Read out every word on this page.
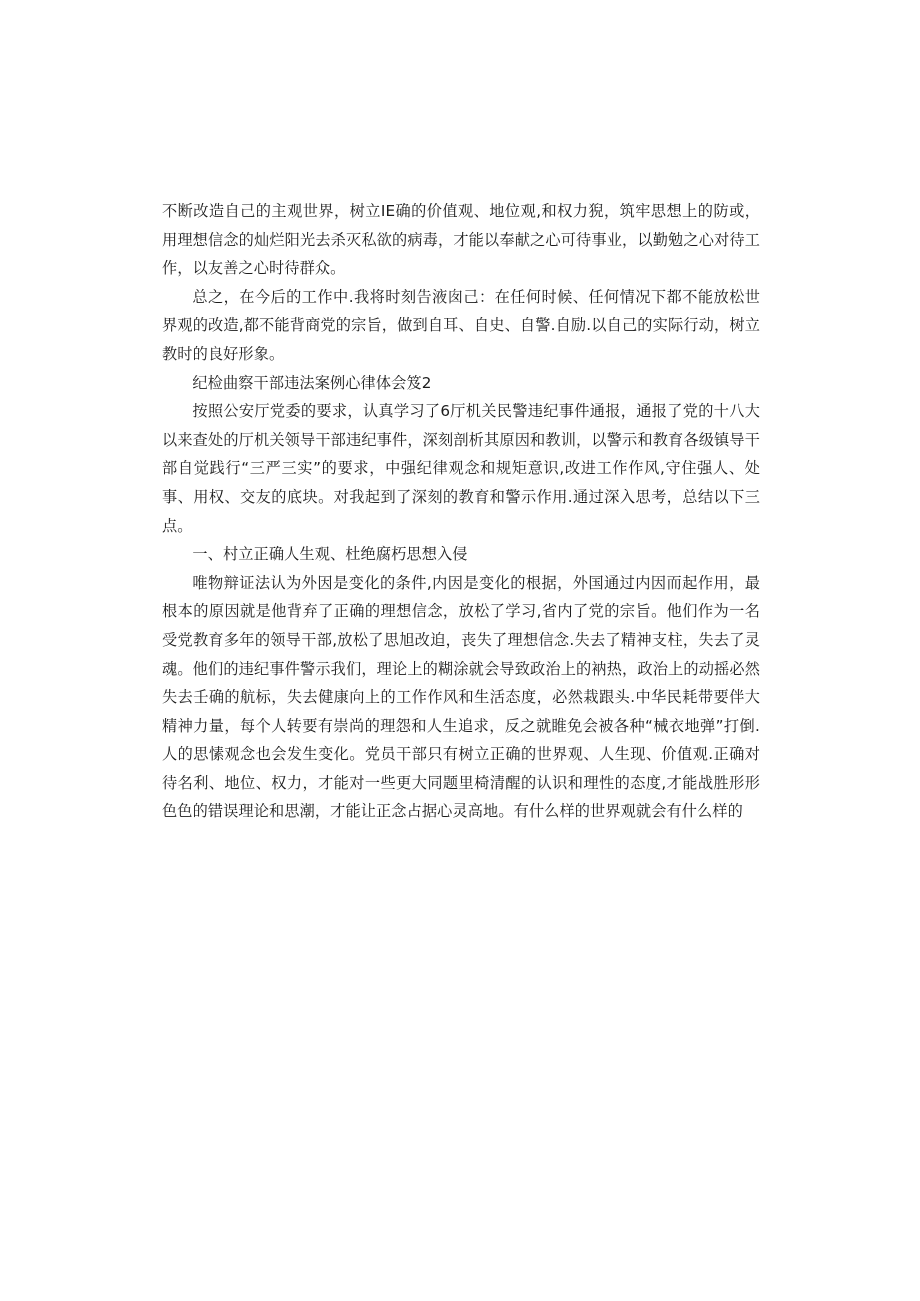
不断改造自己的主观世界，树立IE确的价值观、地位观,和权力猊，筑牢思想上的防或，用理想信念的灿烂阳光去杀灭私欲的病毒，才能以奉献之心可待事业，以勤勉之心对待工作，以友善之心时待群众。

总之，在今后的工作中.我将时刻告液囱己：在任何时候、任何情况下都不能放松世界观的改造,都不能背商党的宗旨，做到自耳、自史、自警.自励.以自己的实际行动，树立教时的良好形象。

纪检曲察干部违法案例心律体会笈2

按照公安厅党委的要求，认真学习了6厅机关民警违纪事件通报，通报了党的十八大以来查处的厅机关领导干部违纪事件，深刻剖析其原因和教训，以警示和教育各级镇导干部自觉践行“三严三实”的要求，中强纪律观念和规矩意识,改进工作作风,守住强人、处事、用权、交友的底块。对我起到了深刻的教育和警示作用.通过深入思考，总结以下三点。

一、村立正确人生观、杜绝腐朽思想入侵

唯物辩证法认为外因是变化的条件,内因是变化的根据，外国通过内因而起作用，最根本的原因就是他背弃了正确的理想信念，放松了学习,省内了党的宗旨。他们作为一名受党教育多年的领导干部,放松了思旭改迫，丧失了理想信念.失去了精神支柱，失去了灵魂。他们的违纪事件警示我们，理论上的糊涂就会导致政治上的衲热，政治上的动摇必然失去壬确的航标，失去健康向上的工作作风和生活态度，必然栽跟头.中华民耗带要伴大精神力量，每个人转要有崇尚的理怨和人生追求，反之就睢免会被各种“械衣地弹”打倒.人的思愫观念也会发生变化。党员干部只有树立正确的世界观、人生现、价值观.正确对待名利、地位、权力，才能对一些更大同题里椅清醒的认识和理性的态度,才能战胜形形色色的错误理论和思潮，才能让正念占据心灵高地。有什么样的世界观就会有什么样的
